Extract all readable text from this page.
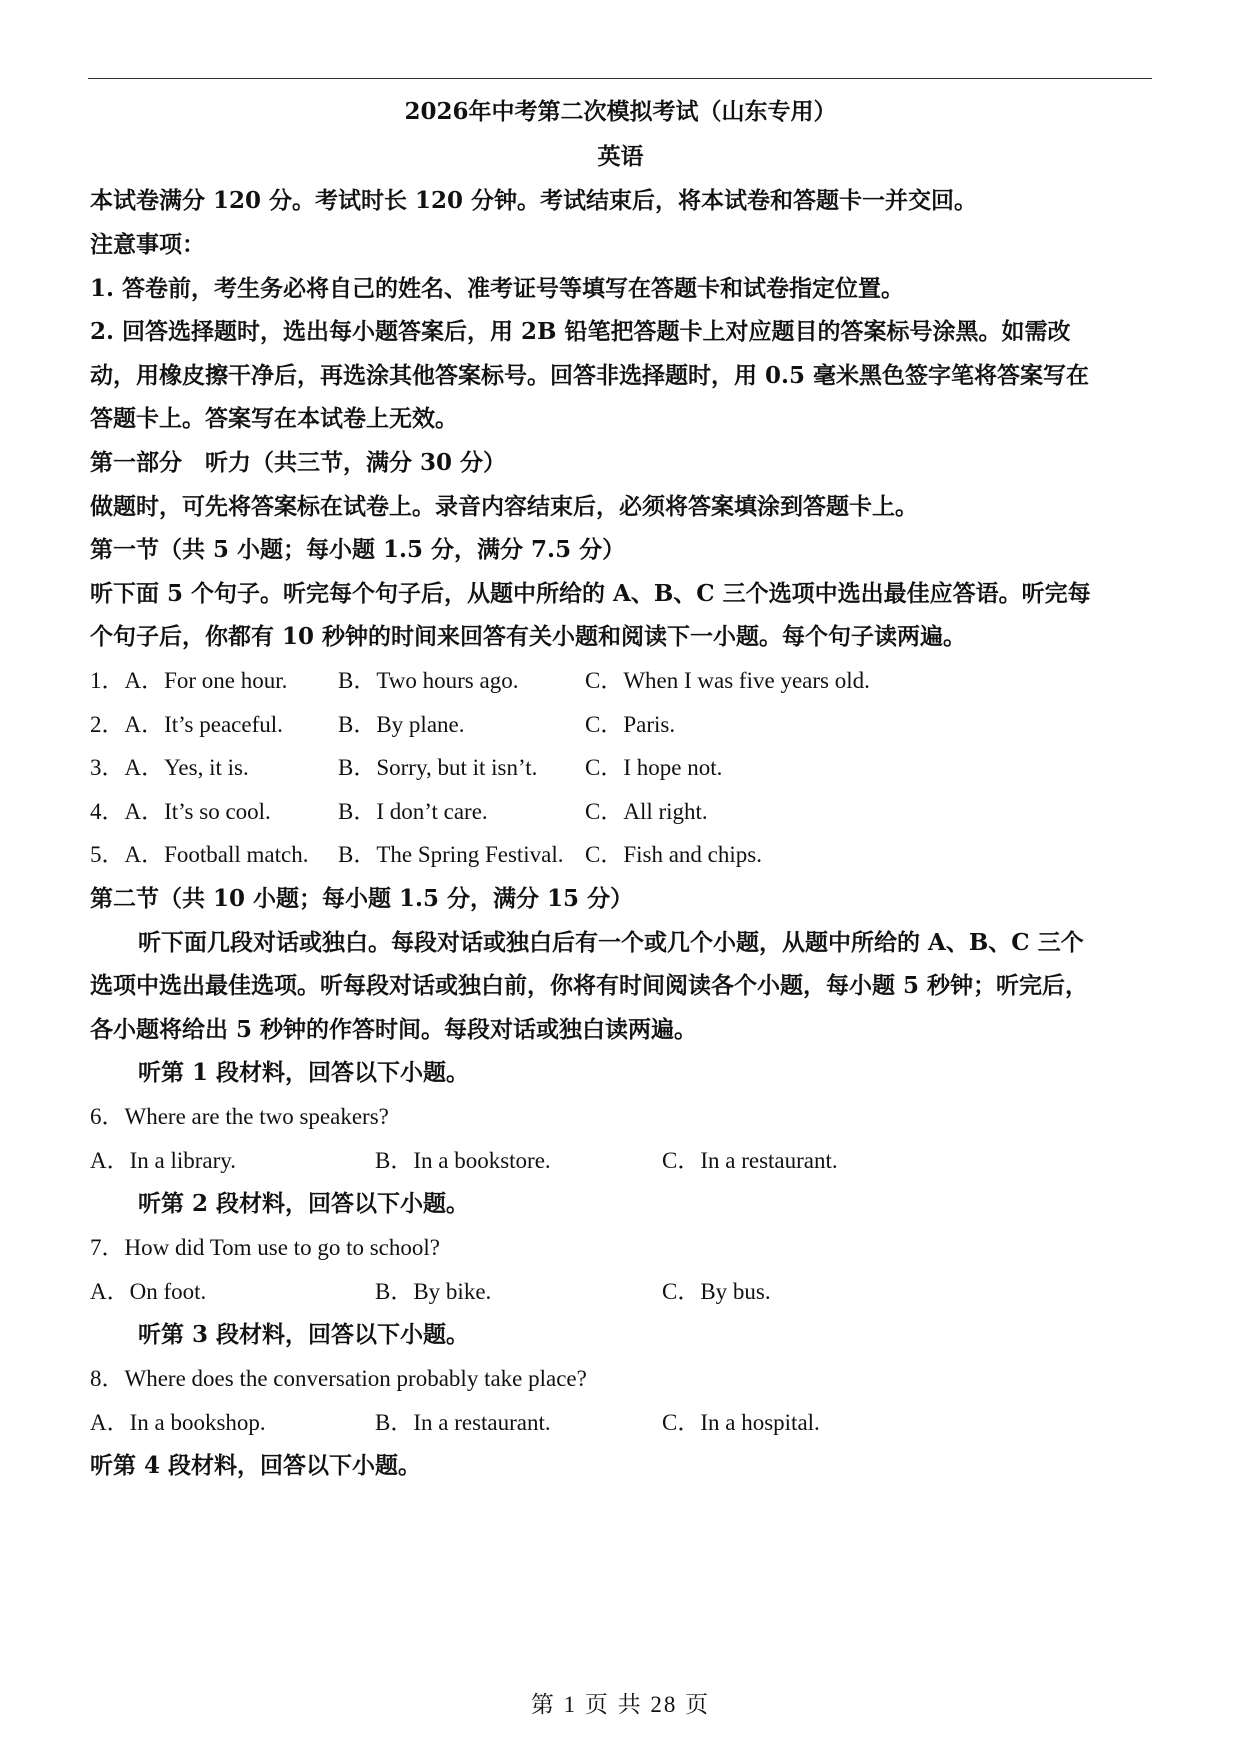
2026年中考第二次模拟考试（山东专用）
英语
本试卷满分 120 分。考试时长 120 分钟。考试结束后，将本试卷和答题卡一并交回。
注意事项：
1. 答卷前，考生务必将自己的姓名、准考证号等填写在答题卡和试卷指定位置。
2. 回答选择题时，选出每小题答案后，用 2B 铅笔把答题卡上对应题目的答案标号涂黑。如需改
动，用橡皮擦干净后，再选涂其他答案标号。回答非选择题时，用 0.5 毫米黑色签字笔将答案写在
答题卡上。答案写在本试卷上无效。
第一部分　听力（共三节，满分 30 分）
做题时，可先将答案标在试卷上。录音内容结束后，必须将答案填涂到答题卡上。
第一节（共 5 小题；每小题 1.5 分，满分 7.5 分）
听下面 5 个句子。听完每个句子后，从题中所给的 A、B、C 三个选项中选出最佳应答语。听完每
个句子后，你都有 10 秒钟的时间来回答有关小题和阅读下一小题。每个句子读两遍。
1．A．For one hour. B．Two hours ago.	C．When I was five years old.
2．A．It’s peaceful. B．By plane.	C．Paris.
3．A．Yes, it is.	B．Sorry, but it isn’t. C．I hope not.
4．A．It’s so cool.	B．I don’t care.	C．All right.
5．A．Football match. B．The Spring Festival. C．Fish and chips.
第二节（共 10 小题；每小题 1.5 分，满分 15 分）
听下面几段对话或独白。每段对话或独白后有一个或几个小题，从题中所给的 A、B、C 三个
选项中选出最佳选项。听每段对话或独白前，你将有时间阅读各个小题，每小题 5 秒钟；听完后，
各小题将给出 5 秒钟的作答时间。每段对话或独白读两遍。
听第 1 段材料，回答以下小题。
6．Where are the two speakers?
A．In a library.	B．In a bookstore.	C．In a restaurant.
听第 2 段材料，回答以下小题。
7．How did Tom use to go to school?
A．On foot.	B．By bike.	C．By bus.
听第 3 段材料，回答以下小题。
8．Where does the conversation probably take place?
A．In a bookshop.	B．In a restaurant.	C．In a hospital.
听第 4 段材料，回答以下小题。
第 1 页 共 28 页
